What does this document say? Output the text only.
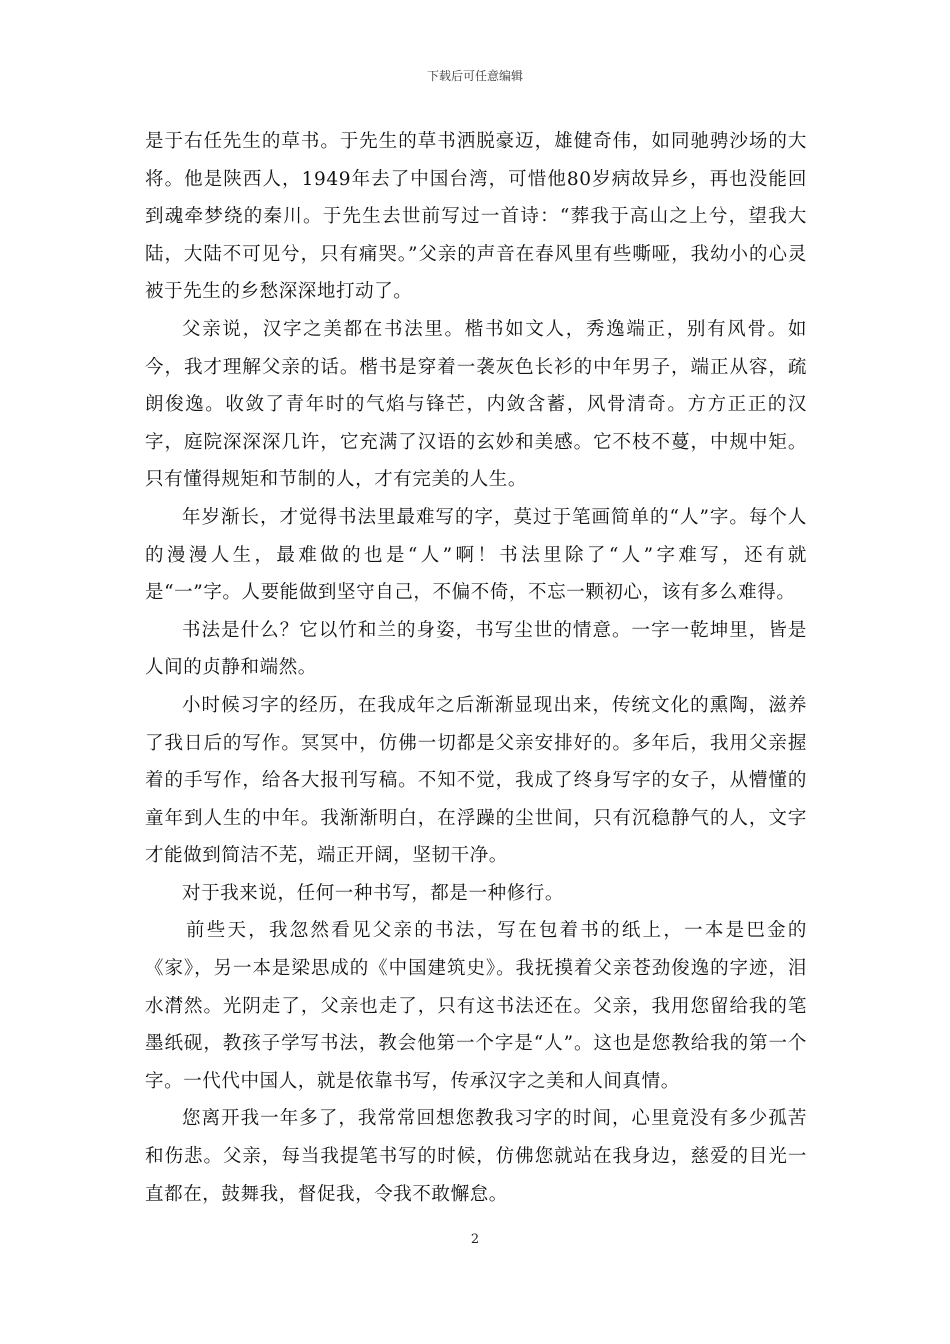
下载后可任意编辑

是于右任先生的草书。于先生的草书洒脱豪迈，雄健奇伟，如同驰骋沙场的大将。他是陕西人，1949年去了中国台湾，可惜他80岁病故异乡，再也没能回到魂牵梦绕的秦川。于先生去世前写过一首诗：“葬我于高山之上兮，望我大陆，大陆不可见兮，只有痛哭。”父亲的声音在春风里有些嘶哑，我幼小的心灵被于先生的乡愁深深地打动了。

父亲说，汉字之美都在书法里。楷书如文人，秀逸端正，别有风骨。如今，我才理解父亲的话。楷书是穿着一袭灰色长衫的中年男子，端正从容，疏朗俊逸。收敛了青年时的气焰与锋芒，内敛含蓄，风骨清奇。方方正正的汉字，庭院深深深几许，它充满了汉语的玄妙和美感。它不枝不蔓，中规中矩。只有懂得规矩和节制的人，才有完美的人生。

年岁渐长，才觉得书法里最难写的字，莫过于笔画简单的“人”字。每个人的漫漫人生，最难做的也是“人”啊！书法里除了“人”字难写，还有就是“一”字。人要能做到坚守自己，不偏不倚，不忘一颗初心，该有多么难得。

书法是什么？它以竹和兰的身姿，书写尘世的情意。一字一乾坤里，皆是人间的贞静和端然。

小时候习字的经历，在我成年之后渐渐显现出来，传统文化的熏陶，滋养了我日后的写作。冥冥中，仿佛一切都是父亲安排好的。多年后，我用父亲握着的手写作，给各大报刊写稿。不知不觉，我成了终身写字的女子，从懵懂的童年到人生的中年。我渐渐明白，在浮躁的尘世间，只有沉稳静气的人，文字才能做到简洁不芜，端正开阔，坚韧干净。

对于我来说，任何一种书写，都是一种修行。

前些天，我忽然看见父亲的书法，写在包着书的纸上，一本是巴金的《家》，另一本是梁思成的《中国建筑史》。我抚摸着父亲苍劲俊逸的字迹，泪水潸然。光阴走了，父亲也走了，只有这书法还在。父亲，我用您留给我的笔墨纸砚，教孩子学写书法，教会他第一个字是“人”。这也是您教给我的第一个字。一代代中国人，就是依靠书写，传承汉字之美和人间真情。

您离开我一年多了，我常常回想您教我习字的时间，心里竟没有多少孤苦和伤悲。父亲，每当我提笔书写的时候，仿佛您就站在我身边，慈爱的目光一直都在，鼓舞我，督促我，令我不敢懈怠。

2
